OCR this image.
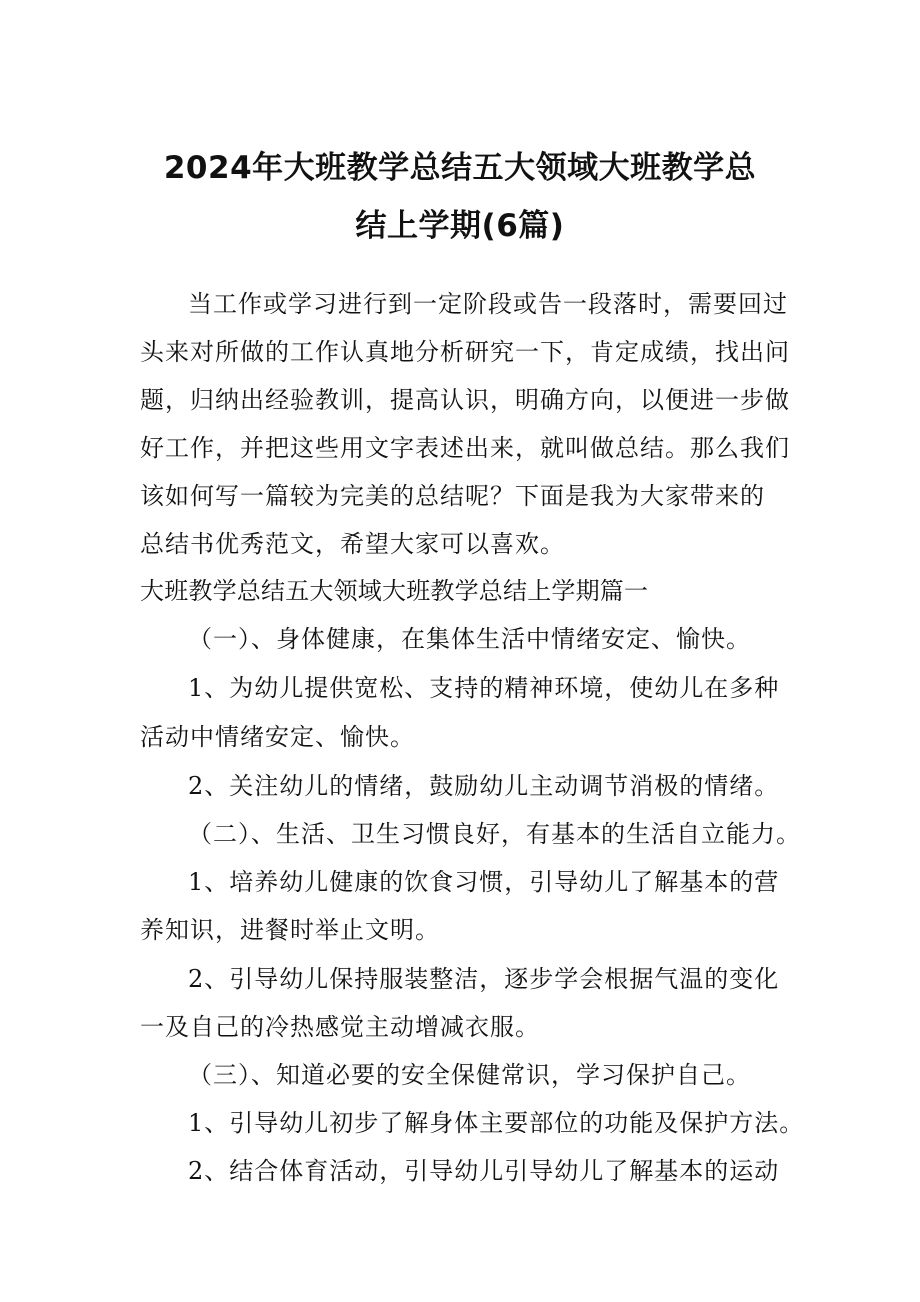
2024年大班教学总结五大领域大班教学总
结上学期(6篇)
当工作或学习进行到一定阶段或告一段落时，需要回过
头来对所做的工作认真地分析研究一下，肯定成绩，找出问
题，归纳出经验教训，提高认识，明确方向，以便进一步做
好工作，并把这些用文字表述出来，就叫做总结。那么我们
该如何写一篇较为完美的总结呢？下面是我为大家带来的
总结书优秀范文，希望大家可以喜欢。
大班教学总结五大领域大班教学总结上学期篇一
（一）、身体健康，在集体生活中情绪安定、愉快。
1、为幼儿提供宽松、支持的精神环境，使幼儿在多种
活动中情绪安定、愉快。
2、关注幼儿的情绪，鼓励幼儿主动调节消极的情绪。
（二）、生活、卫生习惯良好，有基本的生活自立能力。
1、培养幼儿健康的饮食习惯，引导幼儿了解基本的营
养知识，进餐时举止文明。
2、引导幼儿保持服装整洁，逐步学会根据气温的变化
一及自己的冷热感觉主动增减衣服。
（三）、知道必要的安全保健常识，学习保护自己。
1、引导幼儿初步了解身体主要部位的功能及保护方法。
2、结合体育活动，引导幼儿引导幼儿了解基本的运动
